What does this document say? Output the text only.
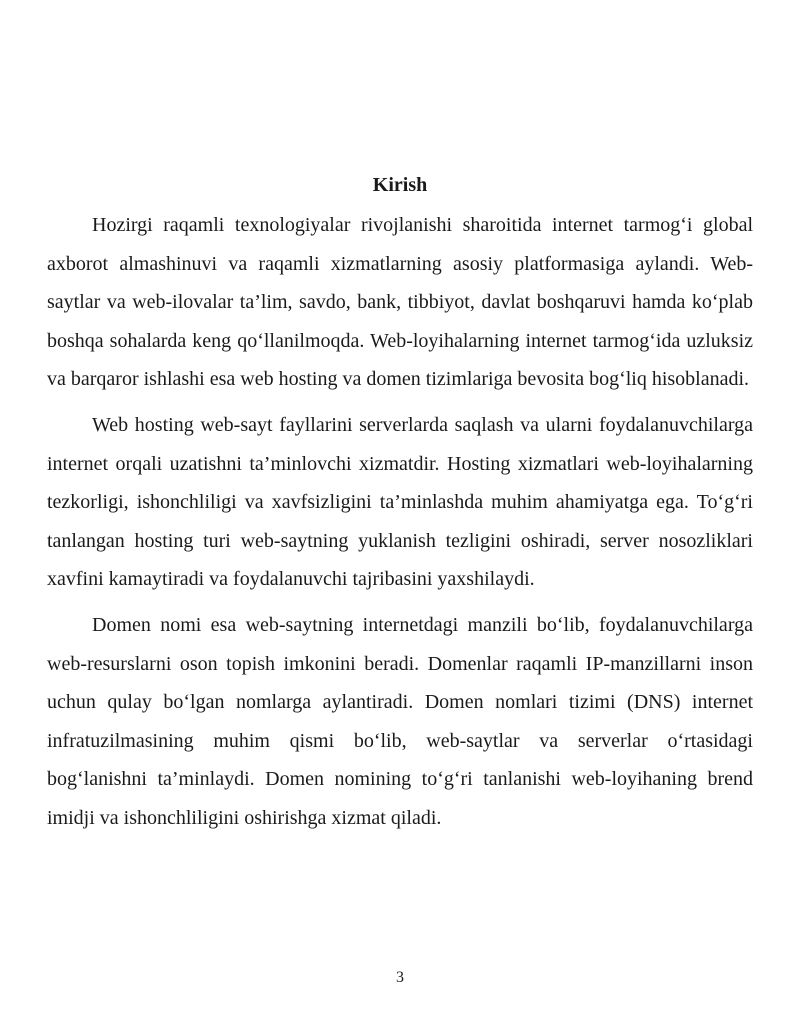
Kirish

Hozirgi raqamli texnologiyalar rivojlanishi sharoitida internet tarmog‘i global axborot almashinuvi va raqamli xizmatlarning asosiy platformasiga aylandi. Web-saytlar va web-ilovalar ta’lim, savdo, bank, tibbiyot, davlat boshqaruvi hamda ko‘plab boshqa sohalarda keng qo‘llanilmoqda. Web-loyihalarning internet tarmog‘ida uzluksiz va barqaror ishlashi esa web hosting va domen tizimlariga bevosita bog‘liq hisoblanadi.

Web hosting web-sayt fayllarini serverlarda saqlash va ularni foydalanuvchilarga internet orqali uzatishni ta’minlovchi xizmatdir. Hosting xizmatlari web-loyihalarning tezkorligi, ishonchliligi va xavfsizligini ta’minlashda muhim ahamiyatga ega. To‘g‘ri tanlangan hosting turi web-saytning yuklanish tezligini oshiradi, server nosozliklari xavfini kamaytiradi va foydalanuvchi tajribasini yaxshilaydi.

Domen nomi esa web-saytning internetdagi manzili bo‘lib, foydalanuvchilarga web-resurslarni oson topish imkonini beradi. Domenlar raqamli IP-manzillarni inson uchun qulay bo‘lgan nomlarga aylantiradi. Domen nomlari tizimi (DNS) internet infratuzilmasining muhim qismi bo‘lib, web-saytlar va serverlar o‘rtasidagi bog‘lanishni ta’minlaydi. Domen nomining to‘g‘ri tanlanishi web-loyihaning brend imidji va ishonchliligini oshirishga xizmat qiladi.

3
